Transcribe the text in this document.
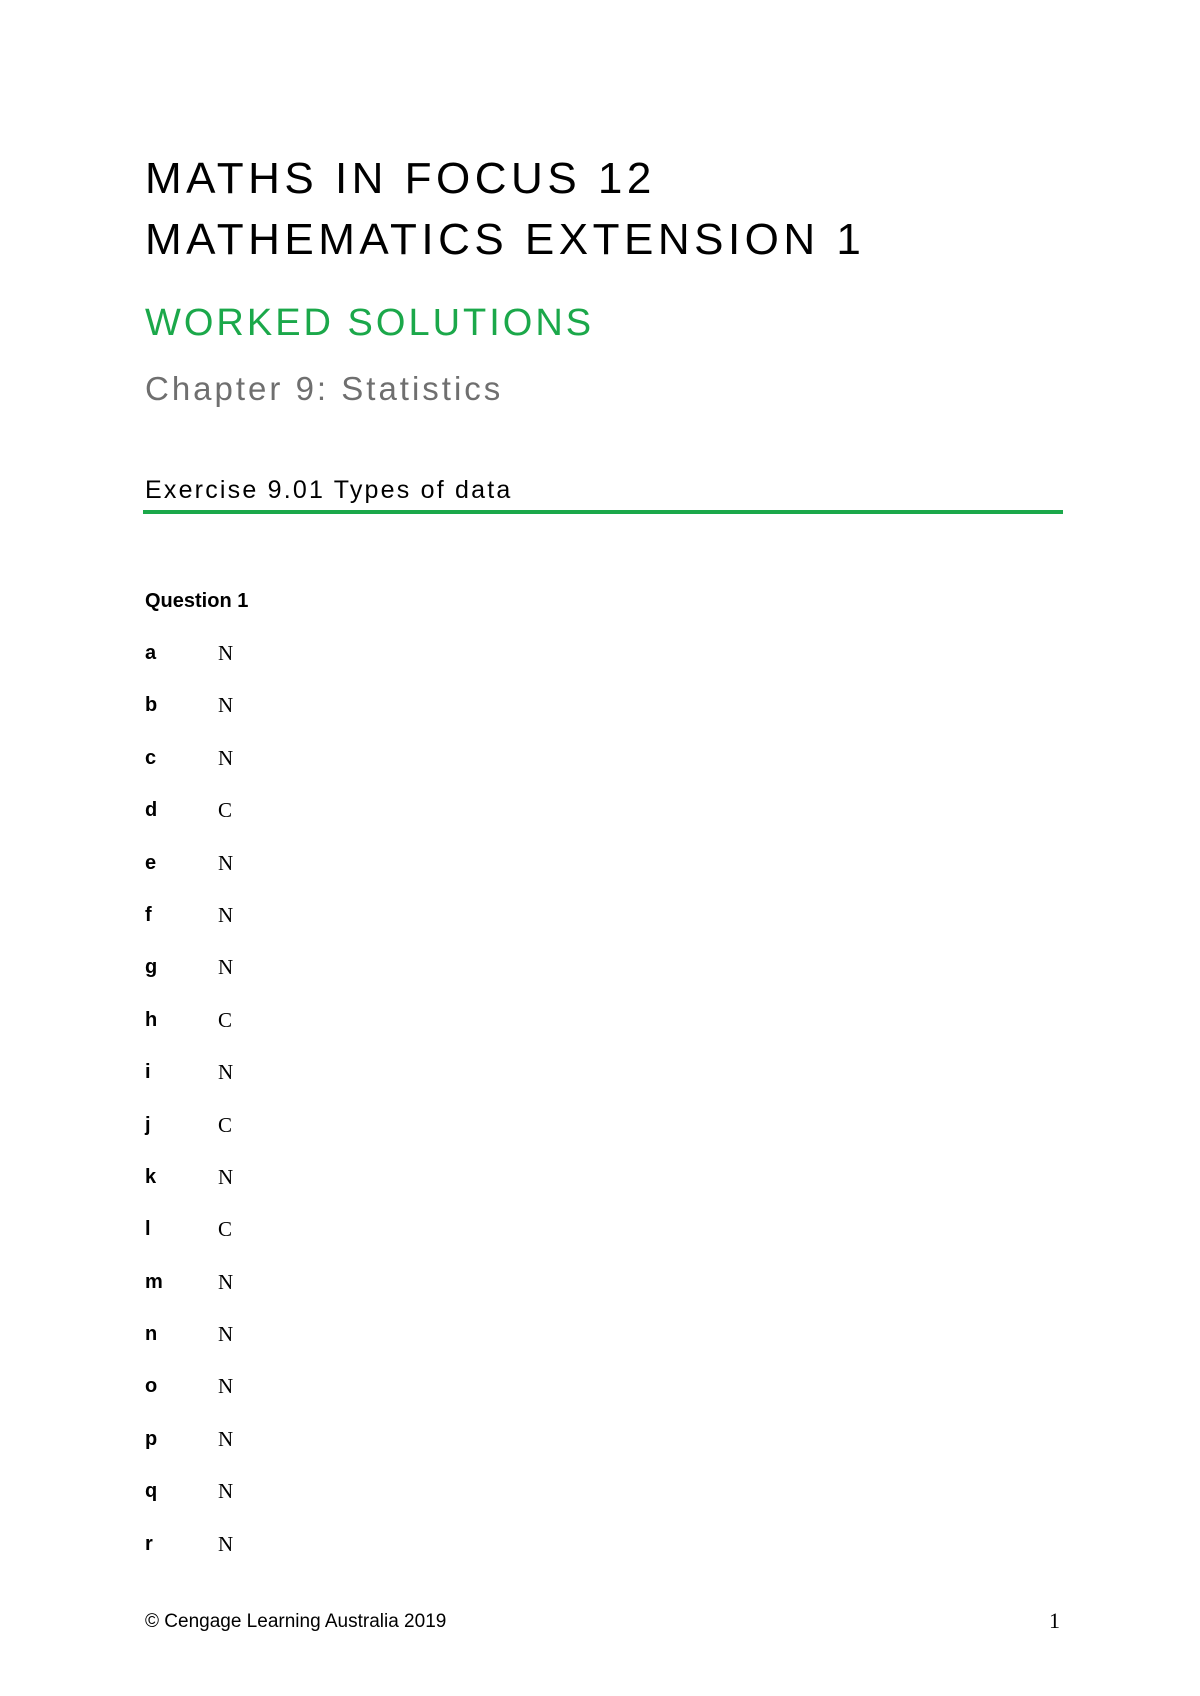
MATHS IN FOCUS 12
MATHEMATICS EXTENSION 1
WORKED SOLUTIONS
Chapter 9: Statistics
Exercise 9.01 Types of data
Question 1
a	N
b	N
c	N
d	C
e	N
f	N
g	N
h	C
i	N
j	C
k	N
l	C
m	N
n	N
o	N
p	N
q	N
r	N
© Cengage Learning Australia 2019	1
